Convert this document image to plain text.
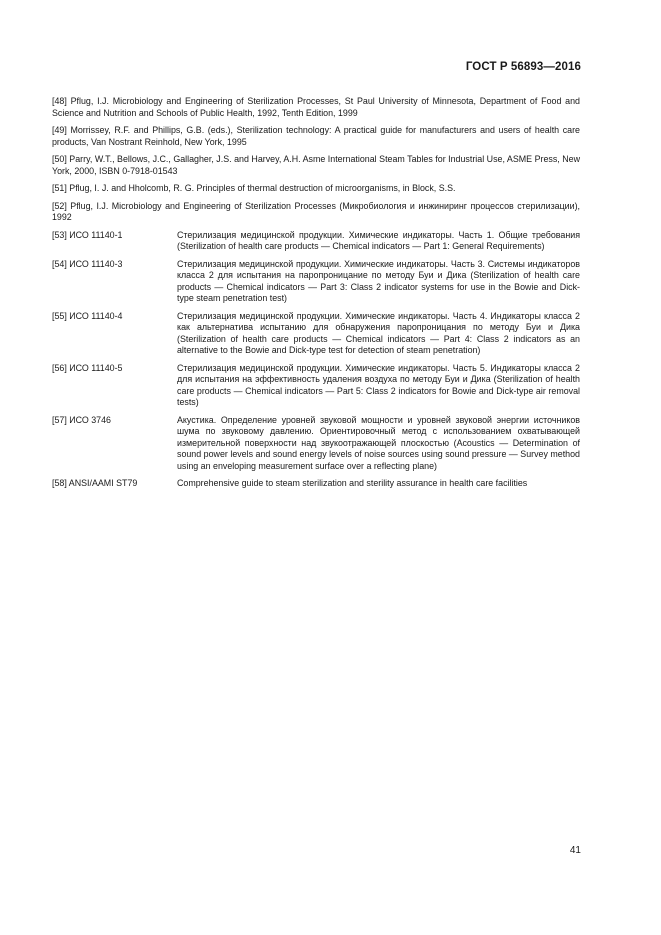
ГОСТ Р 56893—2016

[48] Pflug, I.J. Microbiology and Engineering of Sterilization Processes, St Paul University of Minnesota, Department of Food and Science and Nutrition and Schools of Public Health, 1992, Tenth Edition, 1999

[49] Morrissey, R.F. and Phillips, G.B. (eds.), Sterilization technology: A practical guide for manufacturers and users of health care products, Van Nostrant Reinhold, New York, 1995

[50] Parry, W.T., Bellows, J.C., Gallagher, J.S. and Harvey, A.H. Asme International Steam Tables for Industrial Use, ASME Press, New York, 2000, ISBN 0-7918-01543

[51] Pflug, I. J. and Hholcomb, R. G. Principles of thermal destruction of microorganisms, in Block, S.S.

[52] Pflug, I.J. Microbiology and Engineering of Sterilization Processes (Микробиология и инжиниринг процессов стерилизации), 1992

[53] ИСО 11140-1	Стерилизация медицинской продукции. Химические индикаторы. Часть 1. Общие требования (Sterilization of health care products — Chemical indicators — Part 1: General Requirements)
[54] ИСО 11140-3	Стерилизация медицинской продукции. Химические индикаторы. Часть 3. Системы индикаторов класса 2 для испытания на паропроницание по методу Буи и Дика (Sterilization of health care products — Chemical indicators — Part 3: Class 2 indicator systems for use in the Bowie and Dick-type steam penetration test)
[55] ИСО 11140-4	Стерилизация медицинской продукции. Химические индикаторы. Часть 4. Индикаторы класса 2 как альтернатива испытанию для обнаружения паропроницания по методу Буи и Дика (Sterilization of health care products — Chemical indicators — Part 4: Class 2 indicators as an alternative to the Bowie and Dick-type test for detection of steam penetration)
[56] ИСО 11140-5	Стерилизация медицинской продукции. Химические индикаторы. Часть 5. Индикаторы класса 2 для испытания на эффективность удаления воздуха по методу Буи и Дика (Sterilization of health care products — Chemical indicators — Part 5: Class 2 indicators for Bowie and Dick-type air removal tests)
[57] ИСО 3746	Акустика. Определение уровней звуковой мощности и уровней звуковой энергии источников шума по звуковому давлению. Ориентировочный метод с использованием охватывающей измерительной поверхности над звукоотражающей плоскостью (Acoustics — Determination of sound power levels and sound energy levels of noise sources using sound pressure — Survey method using an enveloping measurement surface over a reflecting plane)
[58] ANSI/AAMI ST79	Comprehensive guide to steam sterilization and sterility assurance in health care facilities
41
